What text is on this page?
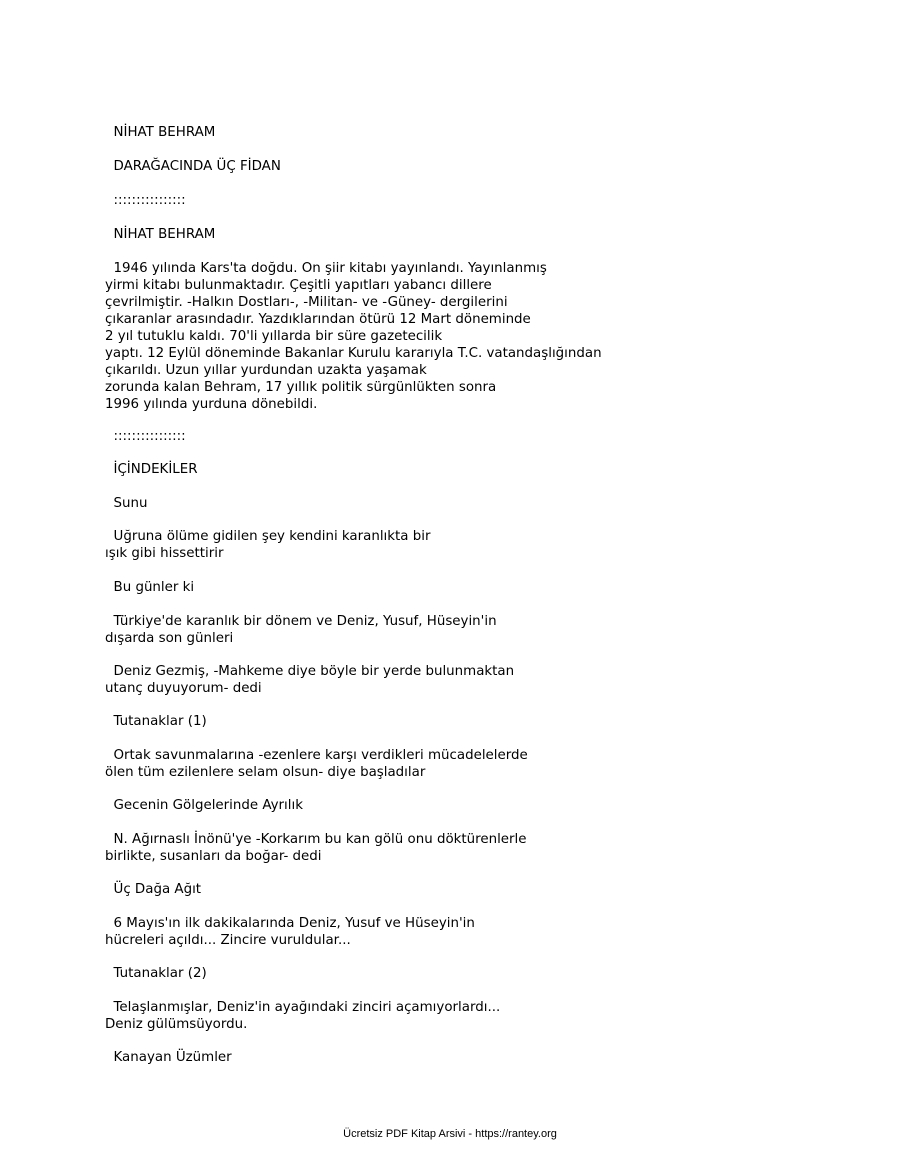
NİHAT BEHRAM

DARAĞACINDA ÜÇ FİDAN

::::::::::::::::

NİHAT BEHRAM

1946 yılında Kars'ta doğdu. On şiir kitabı yayınlandı. Yayınlanmış
yirmi kitabı bulunmaktadır. Çeşitli yapıtları yabancı dillere
çevrilmiştir. -Halkın Dostları-, -Militan- ve -Güney- dergilerini
çıkaranlar arasındadır. Yazdıklarından ötürü 12 Mart döneminde
2 yıl tutuklu kaldı. 70'li yıllarda bir süre gazetecilik
yaptı. 12 Eylül döneminde Bakanlar Kurulu kararıyla T.C. vatandaşlığından
çıkarıldı. Uzun yıllar yurdundan uzakta yaşamak
zorunda kalan Behram, 17 yıllık politik sürgünlükten sonra
1996 yılında yurduna dönebildi.

::::::::::::::::

İÇİNDEKİLER

Sunu

Uğruna ölüme gidilen şey kendini karanlıkta bir
ışık gibi hissettirir

Bu günler ki

Türkiye'de karanlık bir dönem ve Deniz, Yusuf, Hüseyin'in
dışarda son günleri

Deniz Gezmiş, -Mahkeme diye böyle bir yerde bulunmaktan
utanç duyuyorum- dedi

Tutanaklar (1)

Ortak savunmalarına -ezenlere karşı verdikleri mücadelelerde
ölen tüm ezilenlere selam olsun- diye başladılar

Gecenin Gölgelerinde Ayrılık

N. Ağırnaslı İnönü'ye -Korkarım bu kan gölü onu döktürenlerle
birlikte, susanları da boğar- dedi

Üç Dağa Ağıt

6 Mayıs'ın ilk dakikalarında Deniz, Yusuf ve Hüseyin'in
hücreleri açıldı... Zincire vuruldular...

Tutanaklar (2)

Telaşlanmışlar, Deniz'in ayağındaki zinciri açamıyorlardı...
Deniz gülümsüyordu.

Kanayan Üzümler

Ücretsiz PDF Kitap Arsivi - https://rantey.org
